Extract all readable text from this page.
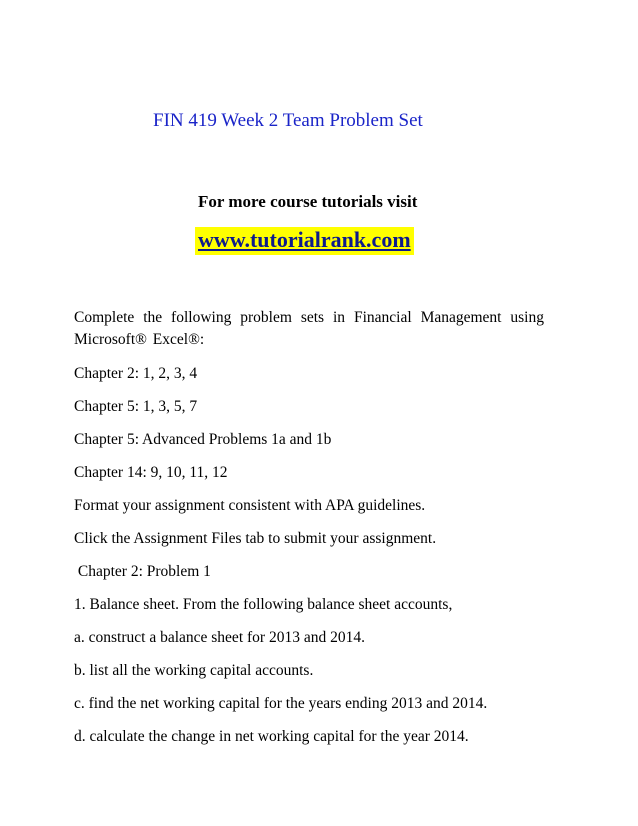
FIN 419 Week 2 Team Problem Set
For more course tutorials visit
www.tutorialrank.com
Complete the following problem sets in Financial Management using Microsoft® Excel®:
Chapter 2: 1, 2, 3, 4
Chapter 5: 1, 3, 5, 7
Chapter 5: Advanced Problems 1a and 1b
Chapter 14: 9, 10, 11, 12
Format your assignment consistent with APA guidelines.
Click the Assignment Files tab to submit your assignment.
Chapter 2: Problem 1
1. Balance sheet. From the following balance sheet accounts,
a. construct a balance sheet for 2013 and 2014.
b. list all the working capital accounts.
c. find the net working capital for the years ending 2013 and 2014.
d. calculate the change in net working capital for the year 2014.
